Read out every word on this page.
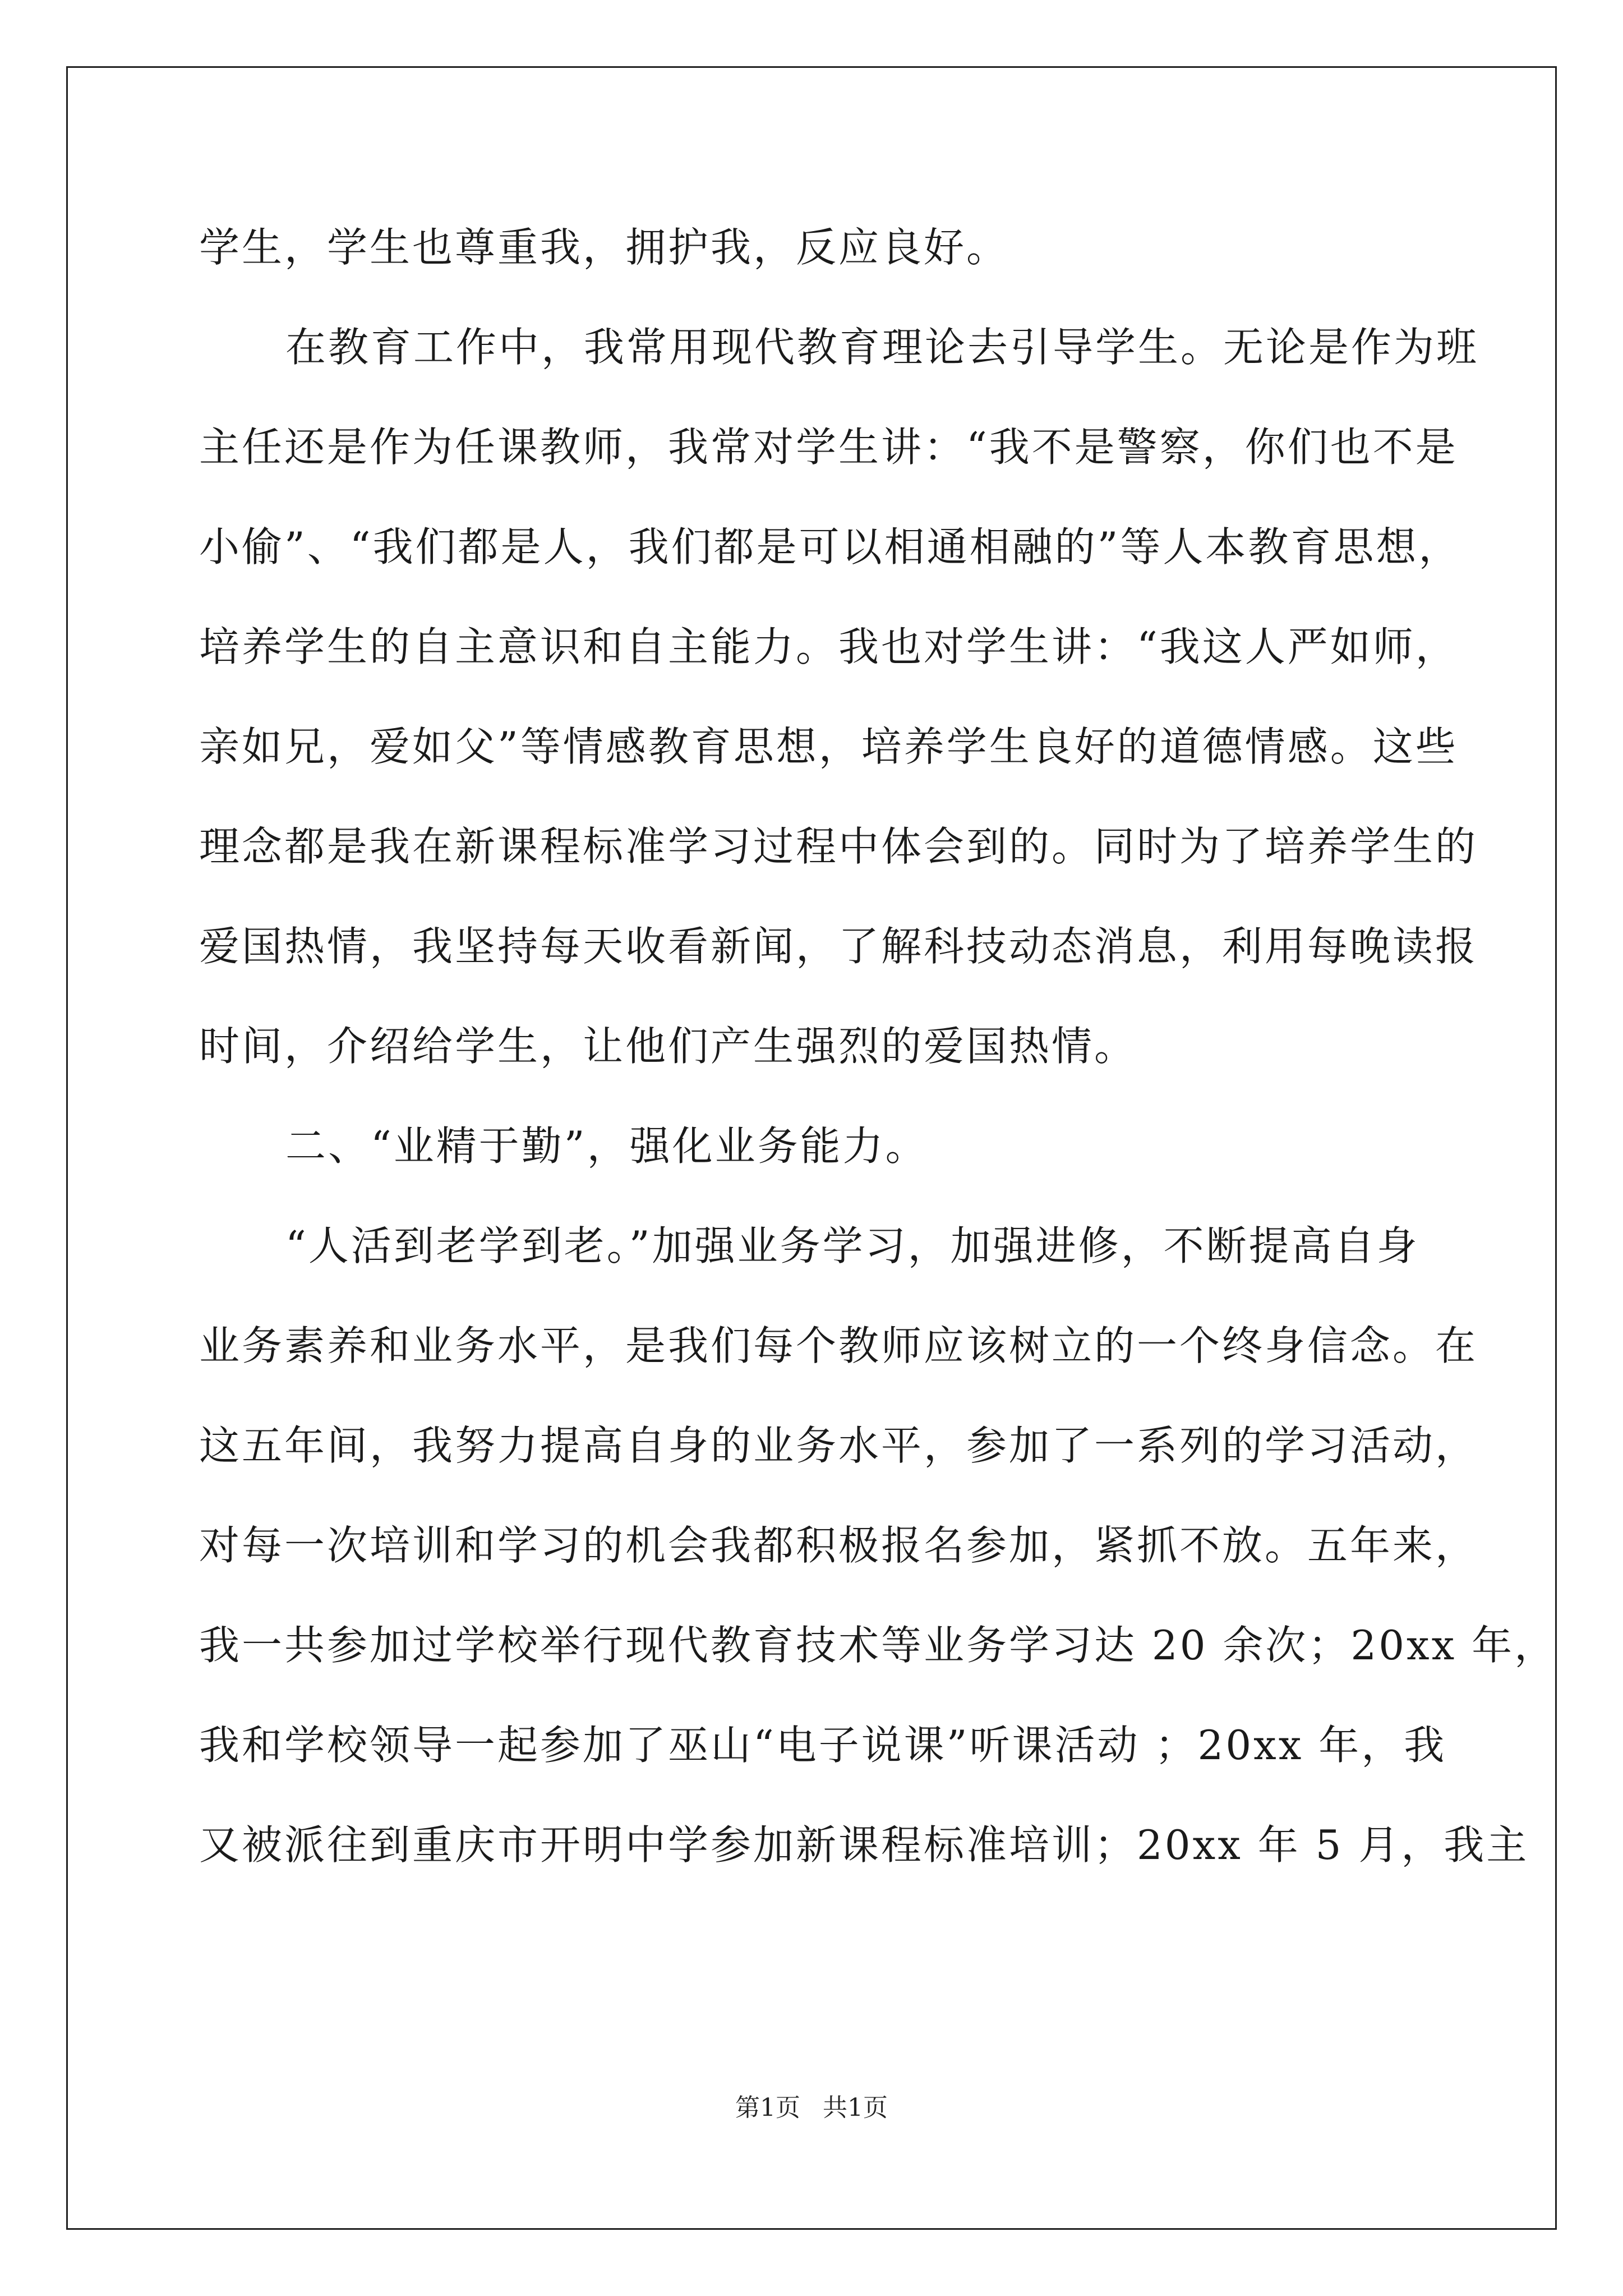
学生，学生也尊重我，拥护我，反应良好。
在教育工作中，我常用现代教育理论去引导学生。无论是作为班
主任还是作为任课教师，我常对学生讲：“我不是警察，你们也不是
小偷”、“我们都是人，我们都是可以相通相融的”等人本教育思想，
培养学生的自主意识和自主能力。我也对学生讲：“我这人严如师，
亲如兄，爱如父”等情感教育思想，培养学生良好的道德情感。这些
理念都是我在新课程标准学习过程中体会到的。同时为了培养学生的
爱国热情，我坚持每天收看新闻，了解科技动态消息，利用每晚读报
时间，介绍给学生，让他们产生强烈的爱国热情。
二、“业精于勤”，强化业务能力。
“人活到老学到老。”加强业务学习，加强进修，不断提高自身
业务素养和业务水平，是我们每个教师应该树立的一个终身信念。在
这五年间，我努力提高自身的业务水平，参加了一系列的学习活动，
对每一次培训和学习的机会我都积极报名参加，紧抓不放。五年来，
我一共参加过学校举行现代教育技术等业务学习达 20 余次；20xx 年，
我和学校领导一起参加了巫山“电子说课”听课活动 ；20xx 年，我
又被派往到重庆市开明中学参加新课程标准培训；20xx 年 5 月，我主
第1页 共1页
